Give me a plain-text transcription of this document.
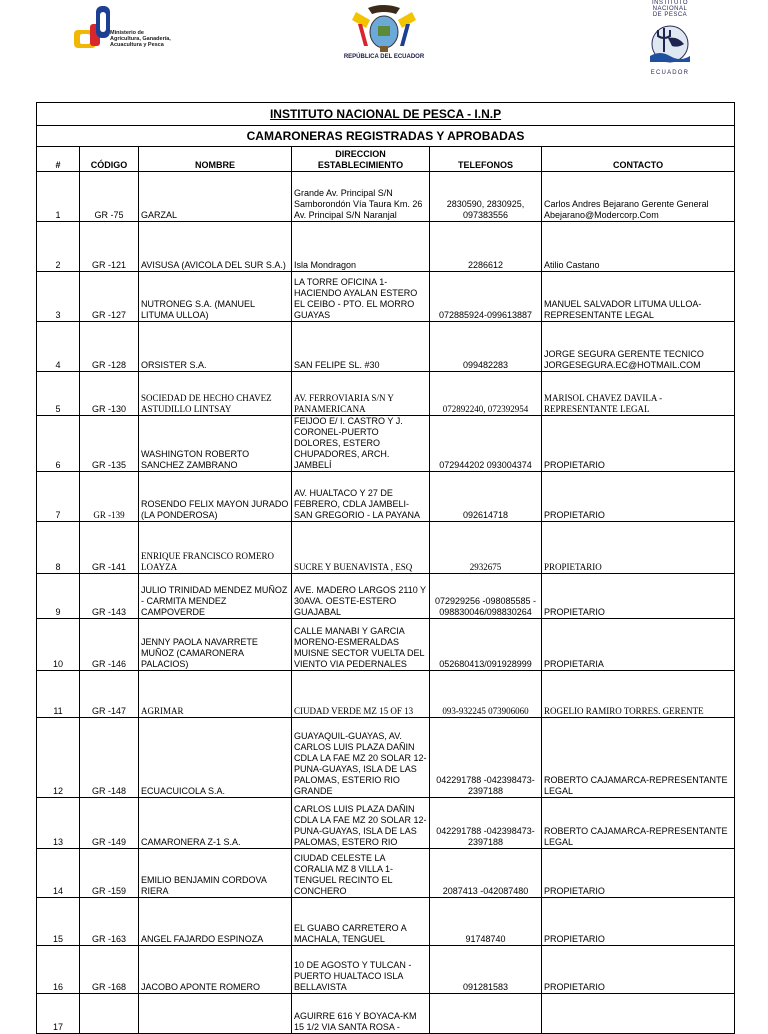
Ministerio de
Agricultura, Ganadería,
Acuacultura y Pesca
REPÚBLICA DEL ECUADOR
INSTITUTO
NACIONAL
DE PESCA
ECUADOR
INSTITUTO NACIONAL DE PESCA - I.N.P					
CAMARONERAS REGISTRADAS Y APROBADAS					
#	CÓDIGO	NOMBRE	DIRECCION ESTABLECIMIENTO	TELEFONOS	CONTACTO
1	GR -75	GARZAL	Grande Av. Principal S/N Samborondón Vía Taura Km. 26 Av. Principal S/N Naranjal	2830590, 2830925, 097383556	Carlos Andres Bejarano Gerente General Abejarano@Modercorp.Com
2	GR -121	AVISUSA (AVICOLA DEL SUR S.A.)	Isla Mondragon	2286612	Atilio Castano
3	GR -127	NUTRONEG S.A. (MANUEL LITUMA ULLOA)	LA TORRE OFICINA 1-HACIENDO AYALAN ESTERO EL CEIBO - PTO. EL MORRO GUAYAS	072885924-099613887	MANUEL SALVADOR LITUMA ULLOA-REPRESENTANTE LEGAL
4	GR -128	ORSISTER S.A.	SAN FELIPE SL. #30	099482283	JORGE SEGURA GERENTE TECNICO JORGESEGURA.EC@HOTMAIL.COM
5	GR -130	SOCIEDAD DE HECHO CHAVEZ ASTUDILLO LINTSAY	AV. FERROVIARIA S/N Y PANAMERICANA	072892240, 072392954	MARISOL CHAVEZ DAVILA - REPRESENTANTE LEGAL
6	GR -135	WASHINGTON ROBERTO SANCHEZ ZAMBRANO	FEIJOO E/ I. CASTRO Y J. CORONEL-PUERTO DOLORES, ESTERO CHUPADORES, ARCH. JAMBELÍ	072944202 093004374	PROPIETARIO
7	GR -139	ROSENDO FELIX MAYON JURADO (LA PONDEROSA)	AV. HUALTACO Y 27 DE FEBRERO, CDLA JAMBELI-SAN GREGORIO - LA PAYANA	092614718	PROPIETARIO
8	GR -141	ENRIQUE FRANCISCO ROMERO LOAYZA	SUCRE Y BUENAVISTA , ESQ	2932675	PROPIETARIO
9	GR -143	JULIO TRINIDAD MENDEZ MUÑOZ - CARMITA MENDEZ CAMPOVERDE	AVE. MADERO LARGOS 2110 Y 30AVA. OESTE-ESTERO GUAJABAL	072929256 -098085585 - 098830046/098830264	PROPIETARIO
10	GR -146	JENNY PAOLA NAVARRETE MUÑOZ (CAMARONERA PALACIOS)	CALLE MANABI Y GARCIA MORENO-ESMERALDAS MUISNE SECTOR VUELTA DEL VIENTO VIA PEDERNALES	052680413/091928999	PROPIETARIA
11	GR -147	AGRIMAR	CIUDAD VERDE MZ 15 OF 13	093-932245 073906060	ROGELIO RAMIRO TORRES. GERENTE
12	GR -148	ECUACUICOLA S.A.	GUAYAQUIL-GUAYAS, AV. CARLOS LUIS PLAZA DAÑIN CDLA LA FAE MZ 20 SOLAR 12-PUNA-GUAYAS, ISLA DE LAS PALOMAS, ESTERIO RIO GRANDE	042291788 -042398473-2397188	ROBERTO CAJAMARCA-REPRESENTANTE LEGAL
13	GR -149	CAMARONERA Z-1 S.A.	CARLOS LUIS PLAZA DAÑIN CDLA LA FAE MZ 20 SOLAR 12-PUNA-GUAYAS, ISLA DE LAS PALOMAS, ESTERO RIO	042291788 -042398473-2397188	ROBERTO CAJAMARCA-REPRESENTANTE LEGAL
14	GR -159	EMILIO BENJAMIN CORDOVA RIERA	CIUDAD CELESTE LA CORALIA MZ 8 VILLA 1-TENGUEL RECINTO EL CONCHERO	2087413 -042087480	PROPIETARIO
15	GR -163	ANGEL FAJARDO ESPINOZA	EL GUABO CARRETERO A MACHALA, TENGUEL	91748740	PROPIETARIO
16	GR -168	JACOBO APONTE ROMERO	10 DE AGOSTO Y TULCAN - PUERTO HUALTACO ISLA BELLAVISTA	091281583	PROPIETARIO
17			AGUIRRE 616 Y BOYACA-KM 15 1/2 VIA SANTA ROSA -		
